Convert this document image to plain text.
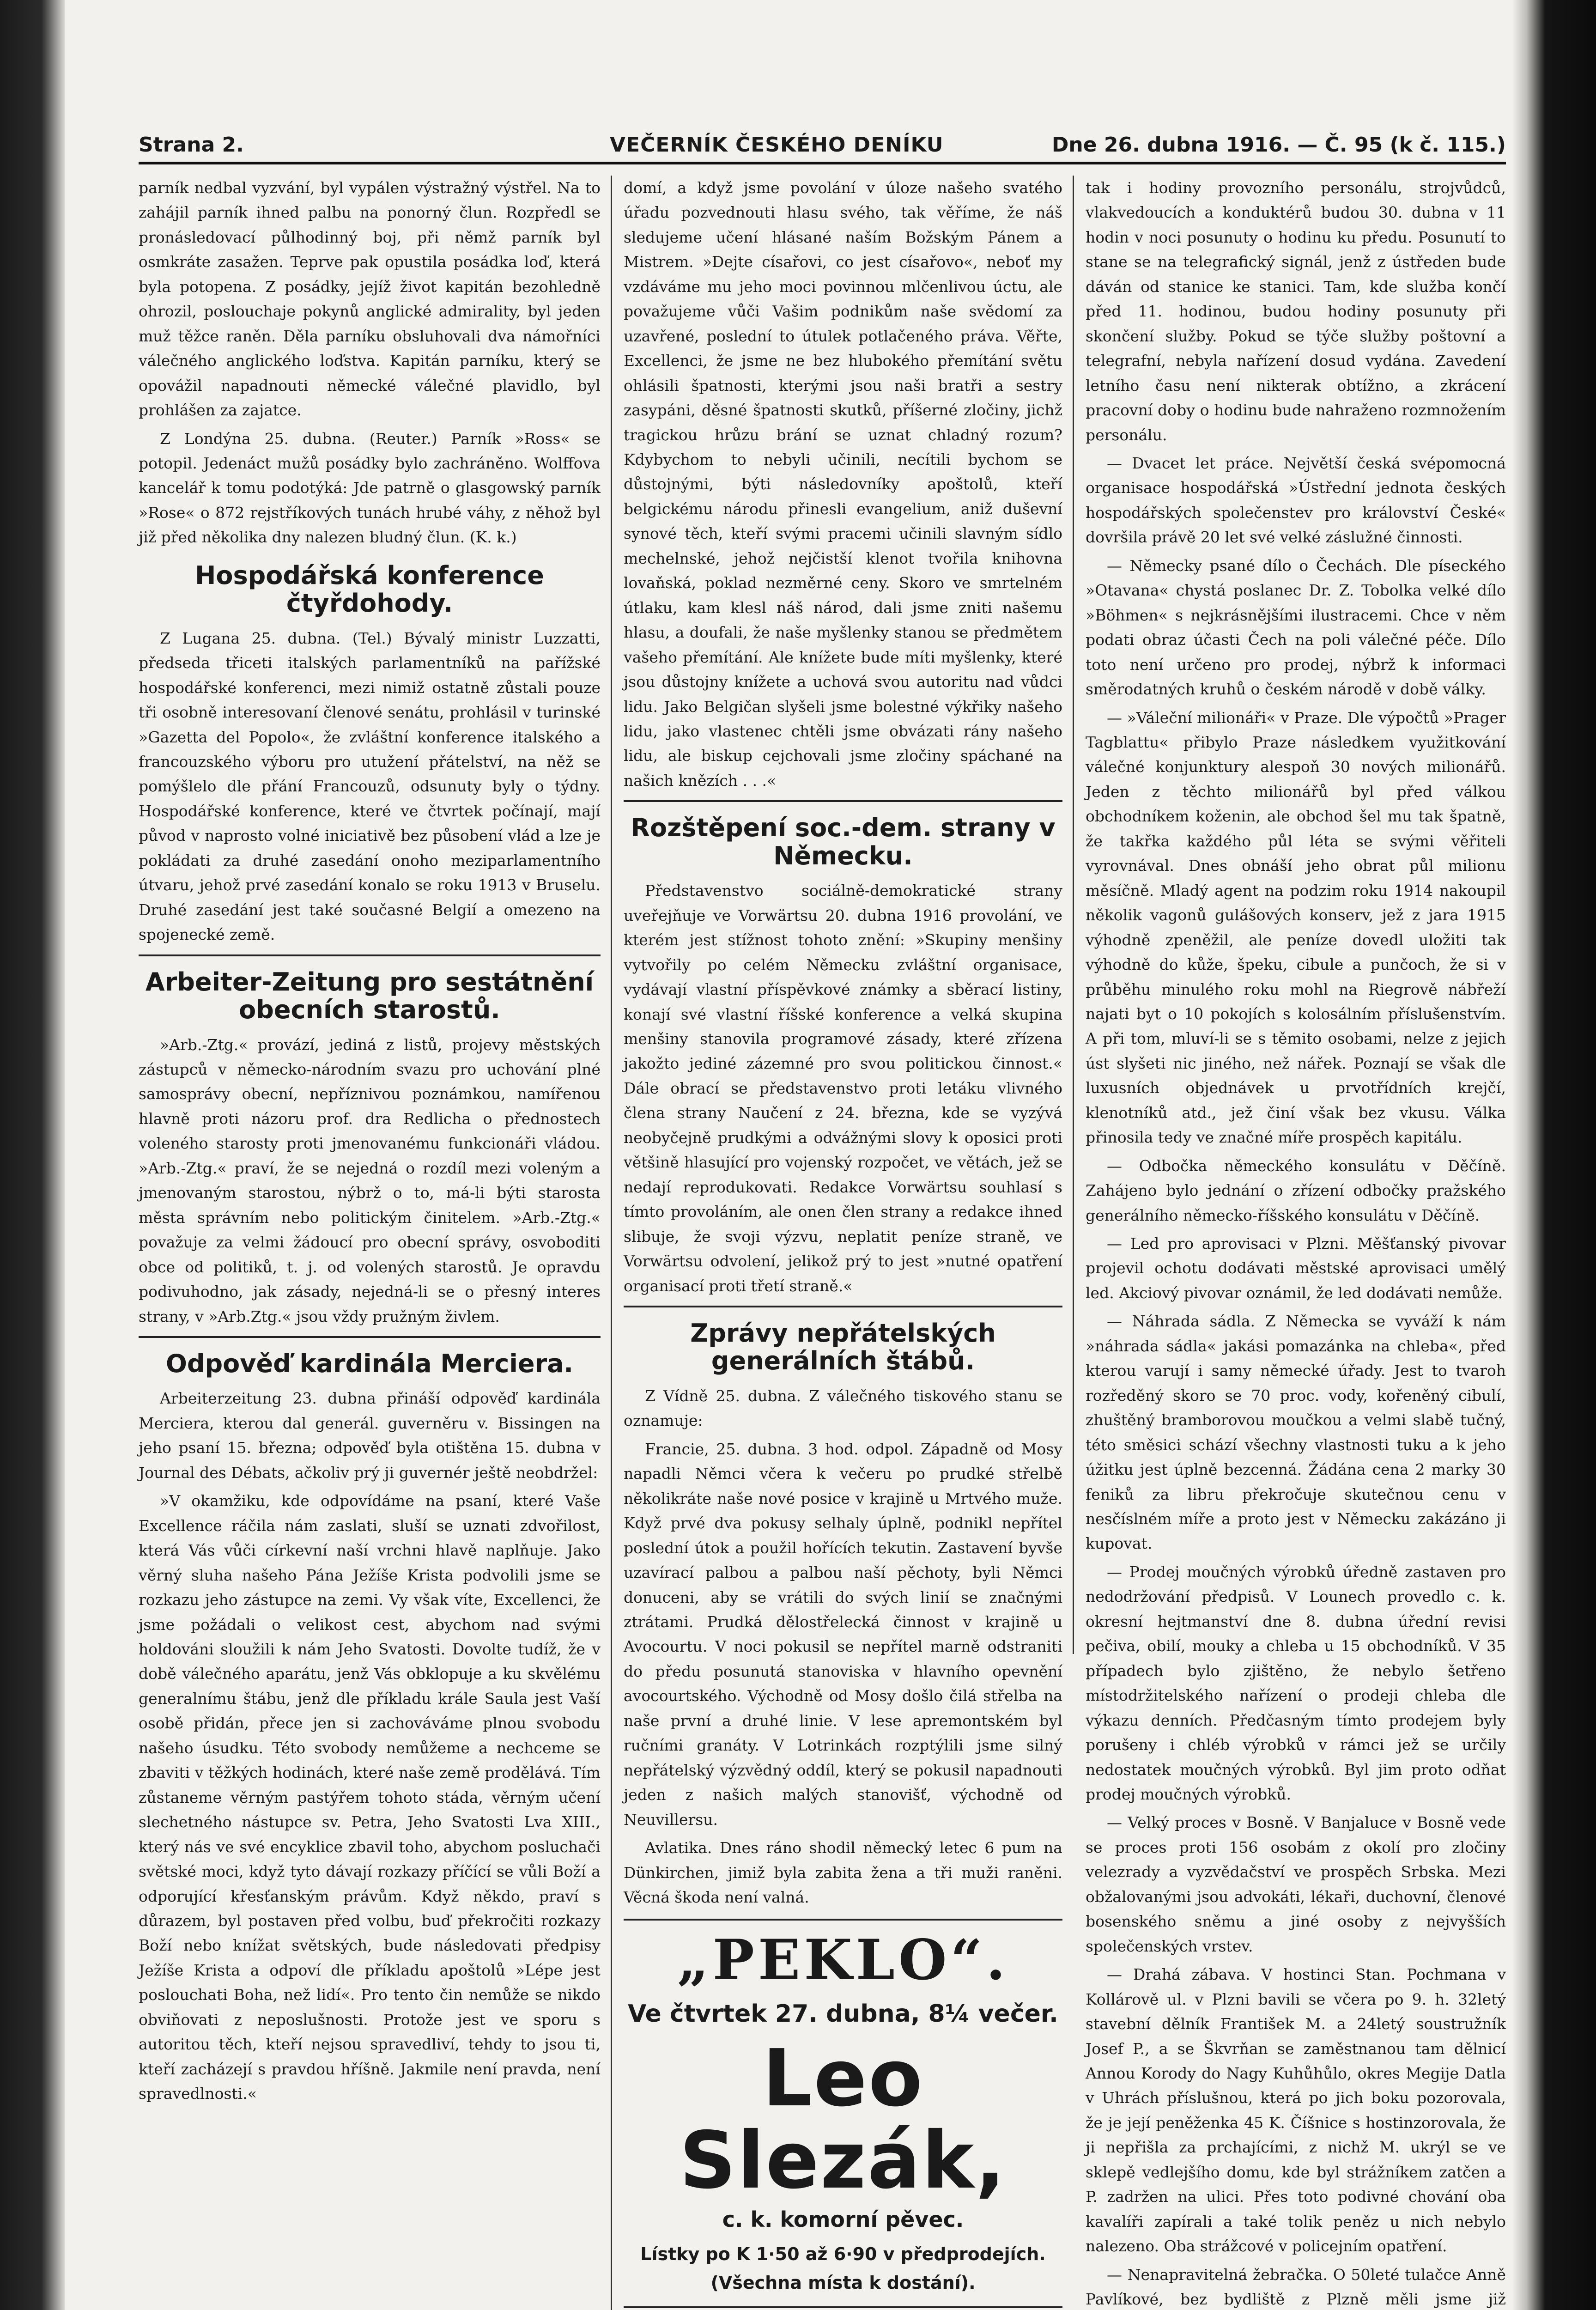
Strana 2.	VEČERNÍK ČESKÉHO DENÍKU	Dne 26. dubna 1916. — Č. 95 (k č. 115.)

parník nedbal vyzvání, byl vypálen výstražný výstřel. Na to zahájil parník ihned palbu na ponorný člun. Rozpředl se pronásledovací půlhodinný boj, při němž parník byl osmkráte zasažen. Teprve pak opustila posádka loď, která byla potopena. Z posádky, jejíž život kapitán bezohledně ohrozil, poslouchaje pokynů anglické admirality, byl jeden muž těžce raněn. Děla parníku obsluhovali dva námořníci válečného anglického loďstva. Kapitán parníku, který se opovážil napadnouti německé válečné plavidlo, byl prohlášen za zajatce.

Z Londýna 25. dubna. (Reuter.) Parník »Ross« se potopil. Jedenáct mužů posádky bylo zachráněno. Wolffova kancelář k tomu podotýká: Jde patrně o glasgowský parník »Rose« o 872 rejstříkových tunách hrubé váhy, z něhož byl již před několika dny nalezen bludný člun. (K. k.)

Hospodářská konference čtyřdohody.

Z Lugana 25. dubna. (Tel.) Bývalý ministr Luzzatti, předseda třiceti italských parlamentníků na pařížské hospodářské konferenci, mezi nimiž ostatně zůstali pouze tři osobně interesovaní členové senátu, prohlásil v turinské »Gazetta del Popolo«, že zvláštní konference italského a francouzského výboru pro utužení přátelství, na něž se pomýšlelo dle přání Francouzů, odsunuty byly o týdny. Hospodářské konference, které ve čtvrtek počínají, mají původ v naprosto volné iniciativě bez působení vlád a lze je pokládati za druhé zasedání onoho meziparlamentního útvaru, jehož prvé zasedání konalo se roku 1913 v Bruselu. Druhé zasedání jest také současné Belgií a omezeno na spojenecké země.

Arbeiter-Zeitung pro sestátnění obecních starostů.

»Arb.-Ztg.« provází, jediná z listů, projevy městských zástupců v německo-národním svazu pro uchování plné samosprávy obecní, nepříznivou poznámkou, namířenou hlavně proti názoru prof. dra Redlicha o přednostech voleného starosty proti jmenovanému funkcionáři vládou. »Arb.-Ztg.« praví, že se nejedná o rozdíl mezi voleným a jmenovaným starostou, nýbrž o to, má-li býti starosta města správním nebo politickým činitelem. »Arb.-Ztg.« považuje za velmi žádoucí pro obecní správy, osvoboditi obce od politiků, t. j. od volených starostů. Je opravdu podivuhodno, jak zásady, nejedná-li se o přesný interes strany, v »Arb.Ztg.« jsou vždy pružným živlem.

Odpověď kardinála Merciera.

Arbeiterzeitung 23. dubna přináší odpověď kardinála Merciera, kterou dal generál. guverněru v. Bissingen na jeho psaní 15. března; odpověď byla otištěna 15. dubna v Journal des Débats, ačkoliv prý ji guvernér ještě neobdržel:

»V okamžiku, kde odpovídáme na psaní, které Vaše Excellence ráčila nám zaslati, sluší se uznati zdvořilost, která Vás vůči církevní naší vrchni hlavě naplňuje. Jako věrný sluha našeho Pána Ježíše Krista podvolili jsme se rozkazu jeho zástupce na zemi. Vy však víte, Excellenci, že jsme požádali o velikost cest, abychom nad svými holdováni sloužili k nám Jeho Svatosti. Dovolte tudíž, že v době válečného aparátu, jenž Vás obklopuje a ku skvělému generalnímu štábu, jenž dle příkladu krále Saula jest Vaší osobě přidán, přece jen si zachováváme plnou svobodu našeho úsudku. Této svobody nemůžeme a nechceme se zbaviti v těžkých hodinách, které naše země prodělává. Tím zůstaneme věrným pastýřem tohoto stáda, věrným učení slechetného nástupce sv. Petra, Jeho Svatosti Lva XIII., který nás ve své encyklice zbavil toho, abychom posluchači světské moci, když tyto dávají rozkazy příčící se vůli Boží a odporující křesťanským právům. Když někdo, praví s důrazem, byl postaven před volbu, buď překročiti rozkazy Boží nebo knížat světských, bude následovati předpisy Ježíše Krista a odpoví dle příkladu apoštolů »Lépe jest poslouchati Boha, než lidí«. Pro tento čin nemůže se nikdo obviňovati z neposlušnosti. Protože jest ve sporu s autoritou těch, kteří nejsou spravedliví, tehdy to jsou ti, kteří zacházejí s pravdou hříšně. Jakmile není pravda, není spravedlnosti.«

domí, a když jsme povolání v úloze našeho svatého úřadu pozvednouti hlasu svého, tak věříme, že náš sledujeme učení hlásané naším Božským Pánem a Mistrem. »Dejte císařovi, co jest císařovo«, neboť my vzdáváme mu jeho moci povinnou mlčenlivou úctu, ale považujeme vůči Vašim podnikům naše svědomí za uzavřené, poslední to útulek potlačeného práva. Věřte, Excellenci, že jsme ne bez hlubokého přemítání světu ohlásili špatnosti, kterými jsou naši bratři a sestry zasypáni, děsné špatnosti skutků, příšerné zločiny, jichž tragickou hrůzu brání se uznat chladný rozum? Kdybychom to nebyli učinili, necítili bychom se důstojnými, býti následovníky apoštolů, kteří belgickému národu přinesli evangelium, aniž duševní synové těch, kteří svými pracemi učinili slavným sídlo mechelnské, jehož nejčistší klenot tvořila knihovna lovaňská, poklad nezměrné ceny. Skoro ve smrtelném útlaku, kam klesl náš národ, dali jsme zniti našemu hlasu, a doufali, že naše myšlenky stanou se předmětem vašeho přemítání. Ale knížete bude míti myšlenky, které jsou důstojny knížete a uchová svou autoritu nad vůdci lidu. Jako Belgičan slyšeli jsme bolestné výkřiky našeho lidu, jako vlastenec chtěli jsme obvázati rány našeho lidu, ale biskup cejchovali jsme zločiny spáchané na našich knězích . . .«

Rozštěpení soc.-dem. strany v Německu.

Představenstvo sociálně-demokratické strany uveřejňuje ve Vorwärtsu 20. dubna 1916 provolání, ve kterém jest stížnost tohoto znění: »Skupiny menšiny vytvořily po celém Německu zvláštní organisace, vydávají vlastní příspěvkové známky a sběrací listiny, konají své vlastní říšské konference a velká skupina menšiny stanovila programové zásady, které zřízena jakožto jediné zázemné pro svou politickou činnost.« Dále obrací se představenstvo proti letáku vlivného člena strany Naučení z 24. března, kde se vyzývá neobyčejně prudkými a odvážnými slovy k oposici proti většině hlasující pro vojenský rozpočet, ve větách, jež se nedají reprodukovati. Redakce Vorwärtsu souhlasí s tímto provoláním, ale onen člen strany a redakce ihned slibuje, že svoji výzvu, neplatit peníze straně, ve Vorwärtsu odvolení, jelikož prý to jest »nutné opatření organisací proti třetí straně.«

Zprávy nepřátelských generálních štábů.

Z Vídně 25. dubna. Z válečného tiskového stanu se oznamuje:

Francie, 25. dubna. 3 hod. odpol. Západně od Mosy napadli Němci včera k večeru po prudké střelbě několikráte naše nové posice v krajině u Mrtvého muže. Když prvé dva pokusy selhaly úplně, podnikl nepřítel poslední útok a použil hořících tekutin. Zastavení byvše uzavírací palbou a palbou naší pěchoty, byli Němci donuceni, aby se vrátili do svých linií se značnými ztrátami. Prudká dělostřelecká činnost v krajině u Avocourtu. V noci pokusil se nepřítel marně odstraniti do předu posunutá stanoviska v hlavního opevnění avocourtského. Východně od Mosy došlo čilá střelba na naše první a druhé linie. V lese apremontském byl ručními granáty. V Lotrinkách rozptýlili jsme silný nepřátelský výzvědný oddíl, který se pokusil napadnouti jeden z našich malých stanovišť, východně od Neuvillersu.

Avlatika. Dnes ráno shodil německý letec 6 pum na Dünkirchen, jimiž byla zabita žena a tři muži raněni. Věcná škoda není valná.

„PEKLO“.
Ve čtvrtek 27. dubna, 8¼ večer.
Leo Slezák,
c. k. komorní pěvec.
Lístky po K 1·50 až 6·90 v předprodejích. (Všechna místa k dostání).

tak i hodiny provozního personálu, strojvůdců, vlakvedoucích a konduktérů budou 30. dubna v 11 hodin v noci posunuty o hodinu ku předu. Posunutí to stane se na telegrafický signál, jenž z ústředen bude dáván od stanice ke stanici. Tam, kde služba končí před 11. hodinou, budou hodiny posunuty při skončení služby. Pokud se týče služby poštovní a telegrafní, nebyla nařízení dosud vydána. Zavedení letního času není nikterak obtížno, a zkrácení pracovní doby o hodinu bude nahraženo rozmnožením personálu.

— Dvacet let práce. Největší česká svépomocná organisace hospodářská »Ústřední jednota českých hospodářských společenstev pro království České« dovršila právě 20 let své velké záslužné činnosti.

— Německy psané dílo o Čechách. Dle píseckého »Otavana« chystá poslanec Dr. Z. Tobolka velké dílo »Böhmen« s nejkrásnějšími ilustracemi. Chce v něm podati obraz účasti Čech na poli válečné péče. Dílo toto není určeno pro prodej, nýbrž k informaci směrodatných kruhů o českém národě v době války.

— »Váleční milionáři« v Praze. Dle výpočtů »Prager Tagblattu« přibylo Praze následkem využitkování válečné konjunktury alespoň 30 nových milionářů. Jeden z těchto milionářů byl před válkou obchodníkem koženin, ale obchod šel mu tak špatně, že takřka každého půl léta se svými věřiteli vyrovnával. Dnes obnáší jeho obrat půl milionu měsíčně. Mladý agent na podzim roku 1914 nakoupil několik vagonů gulášových konserv, jež z jara 1915 výhodně zpeněžil, ale peníze dovedl uložiti tak výhodně do kůže, špeku, cibule a punčoch, že si v průběhu minulého roku mohl na Riegrově nábřeží najati byt o 10 pokojích s kolosálním příslušenstvím. A při tom, mluví-li se s těmito osobami, nelze z jejich úst slyšeti nic jiného, než nářek. Poznají se však dle luxusních objednávek u prvotřídních krejčí, klenotníků atd., jež činí však bez vkusu. Válka přinosila tedy ve značné míře prospěch kapitálu.

— Odbočka německého konsulátu v Děčíně. Zahájeno bylo jednání o zřízení odbočky pražského generálního německo-říšského konsulátu v Děčíně.

— Led pro aprovisaci v Plzni. Měšťanský pivovar projevil ochotu dodávati městské aprovisaci umělý led. Akciový pivovar oznámil, že led dodávati nemůže.

— Náhrada sádla. Z Německa se vyváží k nám »náhrada sádla« jakási pomazánka na chleba«, před kterou varují i samy německé úřady. Jest to tvaroh rozředěný skoro se 70 proc. vody, kořeněný cibulí, zhuštěný bramborovou moučkou a velmi slabě tučný, této směsici schází všechny vlastnosti tuku a k jeho úžitku jest úplně bezcenná. Žádána cena 2 marky 30 feniků za libru překročuje skutečnou cenu v nesčíslném míře a proto jest v Německu zakázáno ji kupovat.

— Prodej moučných výrobků úředně zastaven pro nedodržování předpisů. V Lounech provedlo c. k. okresní hejtmanství dne 8. dubna úřední revisi pečiva, obilí, mouky a chleba u 15 obchodníků. V 35 případech bylo zjištěno, že nebylo šetřeno místodržitelského nařízení o prodeji chleba dle výkazu denních. Předčasným tímto prodejem byly porušeny i chléb výrobků v rámci jež se určily nedostatek moučných výrobků. Byl jim proto odňat prodej moučných výrobků.

— Velký proces v Bosně. V Banjaluce v Bosně vede se proces proti 156 osobám z okolí pro zločiny velezrady a vyzvědačství ve prospěch Srbska. Mezi obžalovanými jsou advokáti, lékaři, duchovní, členové bosenského sněmu a jiné osoby z nejvyšších společenských vrstev.

— Drahá zábava. V hostinci Stan. Pochmana v Kollárově ul. v Plzni bavili se včera po 9. h. 32letý stavební dělník František M. a 24letý soustružník Josef P., a se Škvrňan se zaměstnanou tam dělnicí Annou Korody do Nagy Kuhůhůlo, okres Megije Datla v Uhrách příslušnou, která po jich boku pozorovala, že je její peněženka 45 K. Číšnice s hostinzorovala, že ji nepřišla za prchajícími, z nichž M. ukrýl se ve sklepě vedlejšího domu, kde byl strážníkem zatčen a P. zadržen na ulici. Přes toto podivné chování oba kavalíři zapírali a také tolik peněz u nich nebylo nalezeno. Oba strážcové v policejním opatření.

— Nenapravitelná žebračka. O 50leté tulačce Anně Pavlíkové, bez bydliště z Plzně měli jsme již
